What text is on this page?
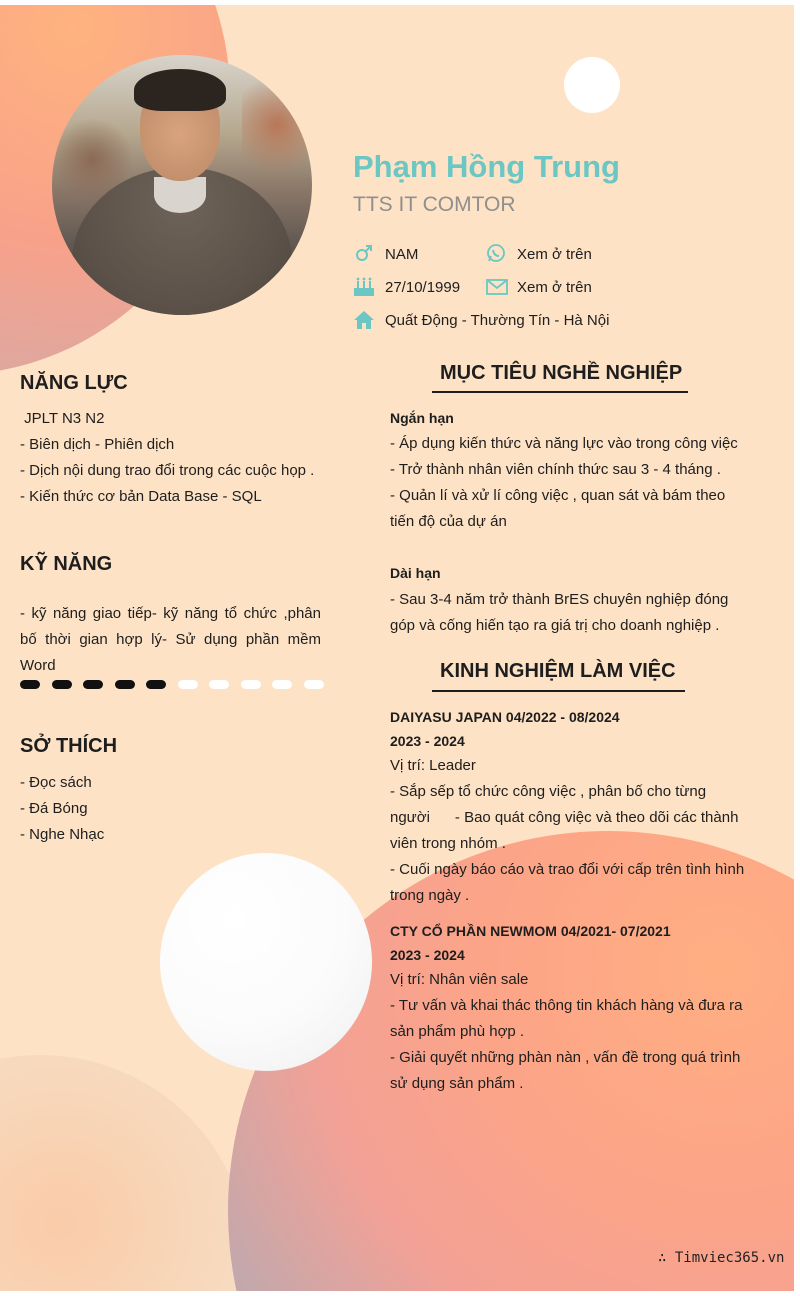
Phạm Hồng Trung
TTS IT COMTOR
NAM	Xem ở trên
27/10/1999	Xem ở trên
Quất Động - Thường Tín - Hà Nội
NĂNG LỰC
JPLT N3 N2
- Biên dịch - Phiên dịch
- Dịch nội dung trao đổi trong các cuộc họp .
- Kiến thức cơ bản Data Base - SQL
KỸ NĂNG
- kỹ năng giao tiếp- kỹ năng tổ chức ,phân bố thời gian hợp lý- Sử dụng phần mềm Word
SỞ THÍCH
- Đọc sách
- Đá Bóng
- Nghe Nhạc
MỤC TIÊU NGHỀ NGHIỆP
Ngắn hạn
- Áp dụng kiến thức và năng lực vào trong công việc
- Trở thành nhân viên chính thức sau 3 - 4 tháng .
- Quản lí và xử lí công việc , quan sát và bám theo
tiến độ của dự án
Dài hạn
- Sau 3-4 năm trở thành BrES chuyên nghiệp đóng
góp và cống hiến tạo ra giá trị cho doanh nghiệp .
KINH NGHIỆM LÀM VIỆC
DAIYASU JAPAN 04/2022 - 08/2024
2023 - 2024
Vị trí: Leader
- Sắp sếp tổ chức công việc , phân bố cho từng
người      - Bao quát công việc và theo dõi các thành
viên trong nhóm .
- Cuối ngày báo cáo và trao đổi với cấp trên tình hình
trong ngày .
CTY CỔ PHẦN NEWMOM 04/2021- 07/2021
2023 - 2024
Vị trí: Nhân viên sale
- Tư vấn và khai thác thông tin khách hàng và đưa ra
sản phẩm phù hợp .
- Giải quyết những phàn nàn , vấn đề trong quá trình
sử dụng sản phẩm .
∴ Timviec365.vn
